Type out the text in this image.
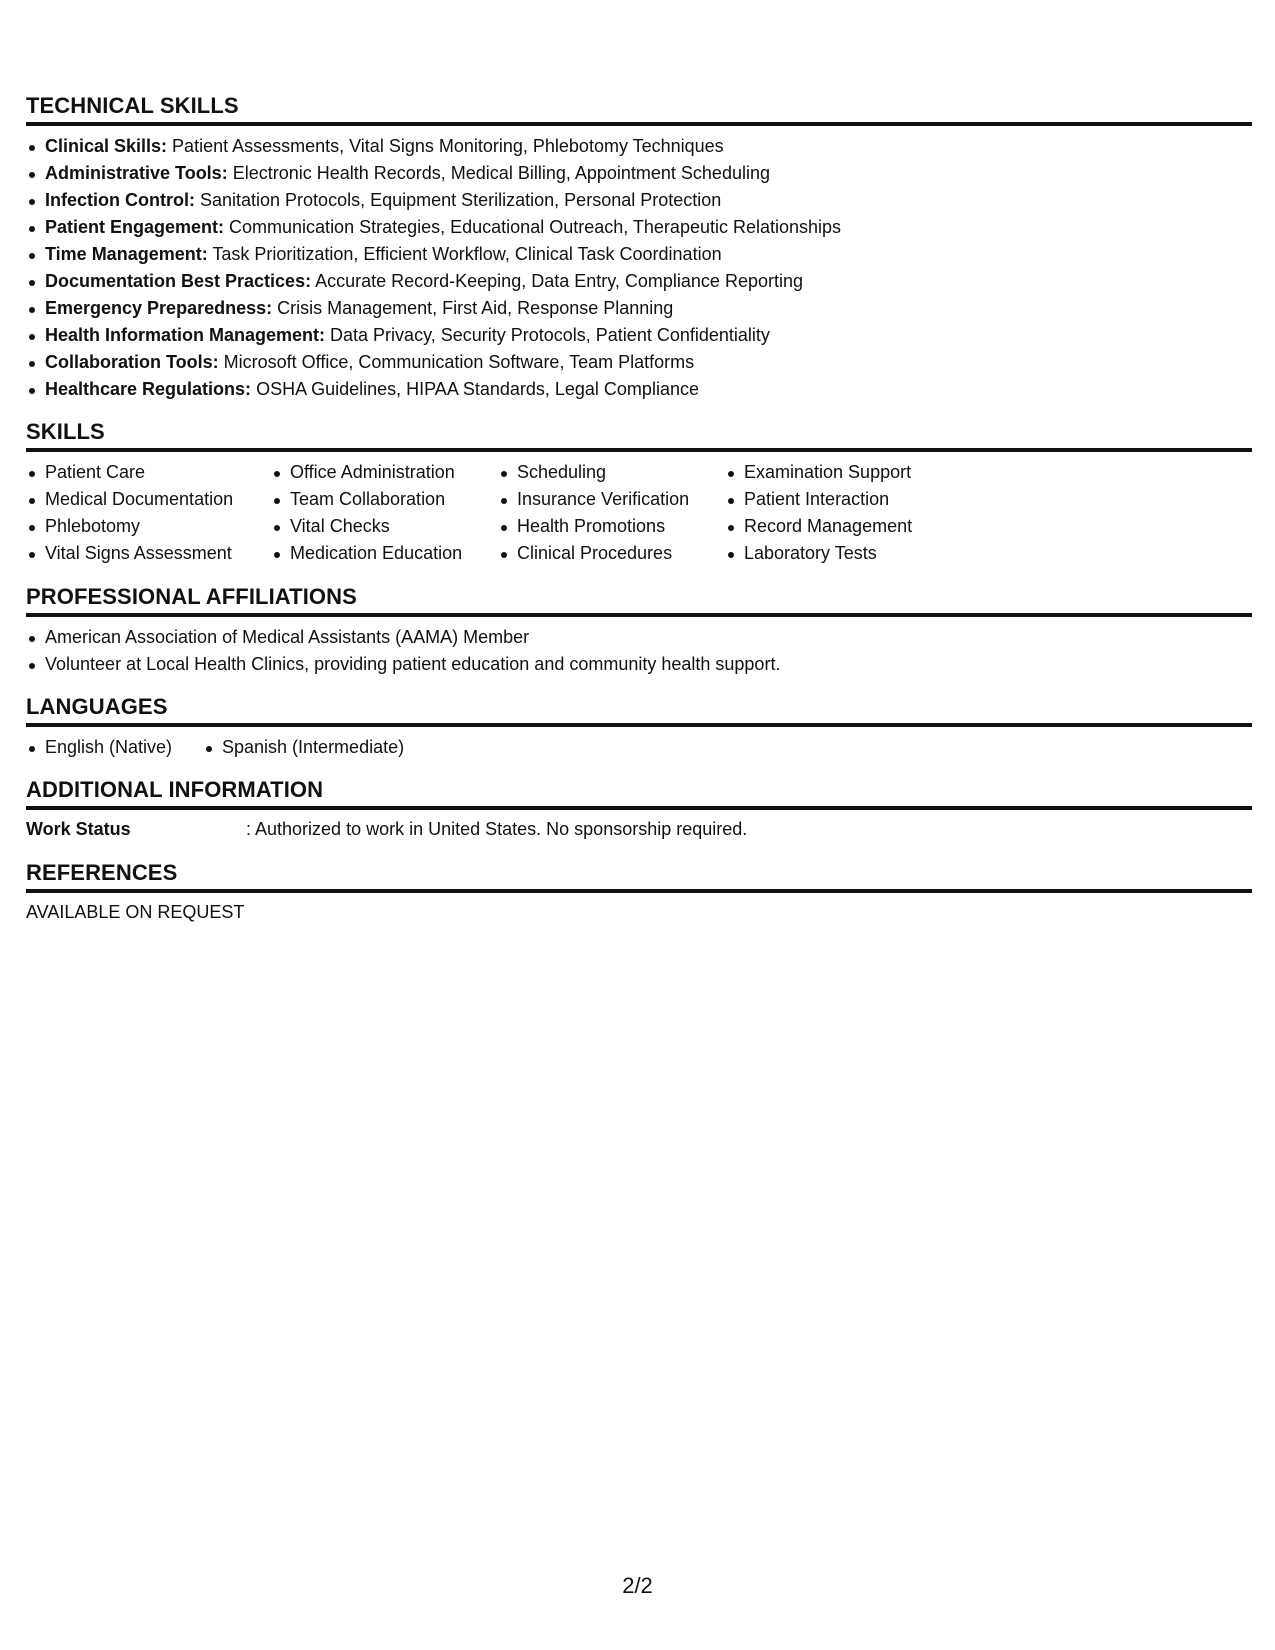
TECHNICAL SKILLS
Clinical Skills: Patient Assessments, Vital Signs Monitoring, Phlebotomy Techniques
Administrative Tools: Electronic Health Records, Medical Billing, Appointment Scheduling
Infection Control: Sanitation Protocols, Equipment Sterilization, Personal Protection
Patient Engagement: Communication Strategies, Educational Outreach, Therapeutic Relationships
Time Management: Task Prioritization, Efficient Workflow, Clinical Task Coordination
Documentation Best Practices: Accurate Record-Keeping, Data Entry, Compliance Reporting
Emergency Preparedness: Crisis Management, First Aid, Response Planning
Health Information Management: Data Privacy, Security Protocols, Patient Confidentiality
Collaboration Tools: Microsoft Office, Communication Software, Team Platforms
Healthcare Regulations: OSHA Guidelines, HIPAA Standards, Legal Compliance
SKILLS
Patient Care
Medical Documentation
Phlebotomy
Vital Signs Assessment
Office Administration
Team Collaboration
Vital Checks
Medication Education
Scheduling
Insurance Verification
Health Promotions
Clinical Procedures
Examination Support
Patient Interaction
Record Management
Laboratory Tests
PROFESSIONAL AFFILIATIONS
American Association of Medical Assistants (AAMA) Member
Volunteer at Local Health Clinics, providing patient education and community health support.
LANGUAGES
English (Native)	Spanish (Intermediate)
ADDITIONAL INFORMATION
Work Status	: Authorized to work in United States. No sponsorship required.
REFERENCES
AVAILABLE ON REQUEST
2/2
